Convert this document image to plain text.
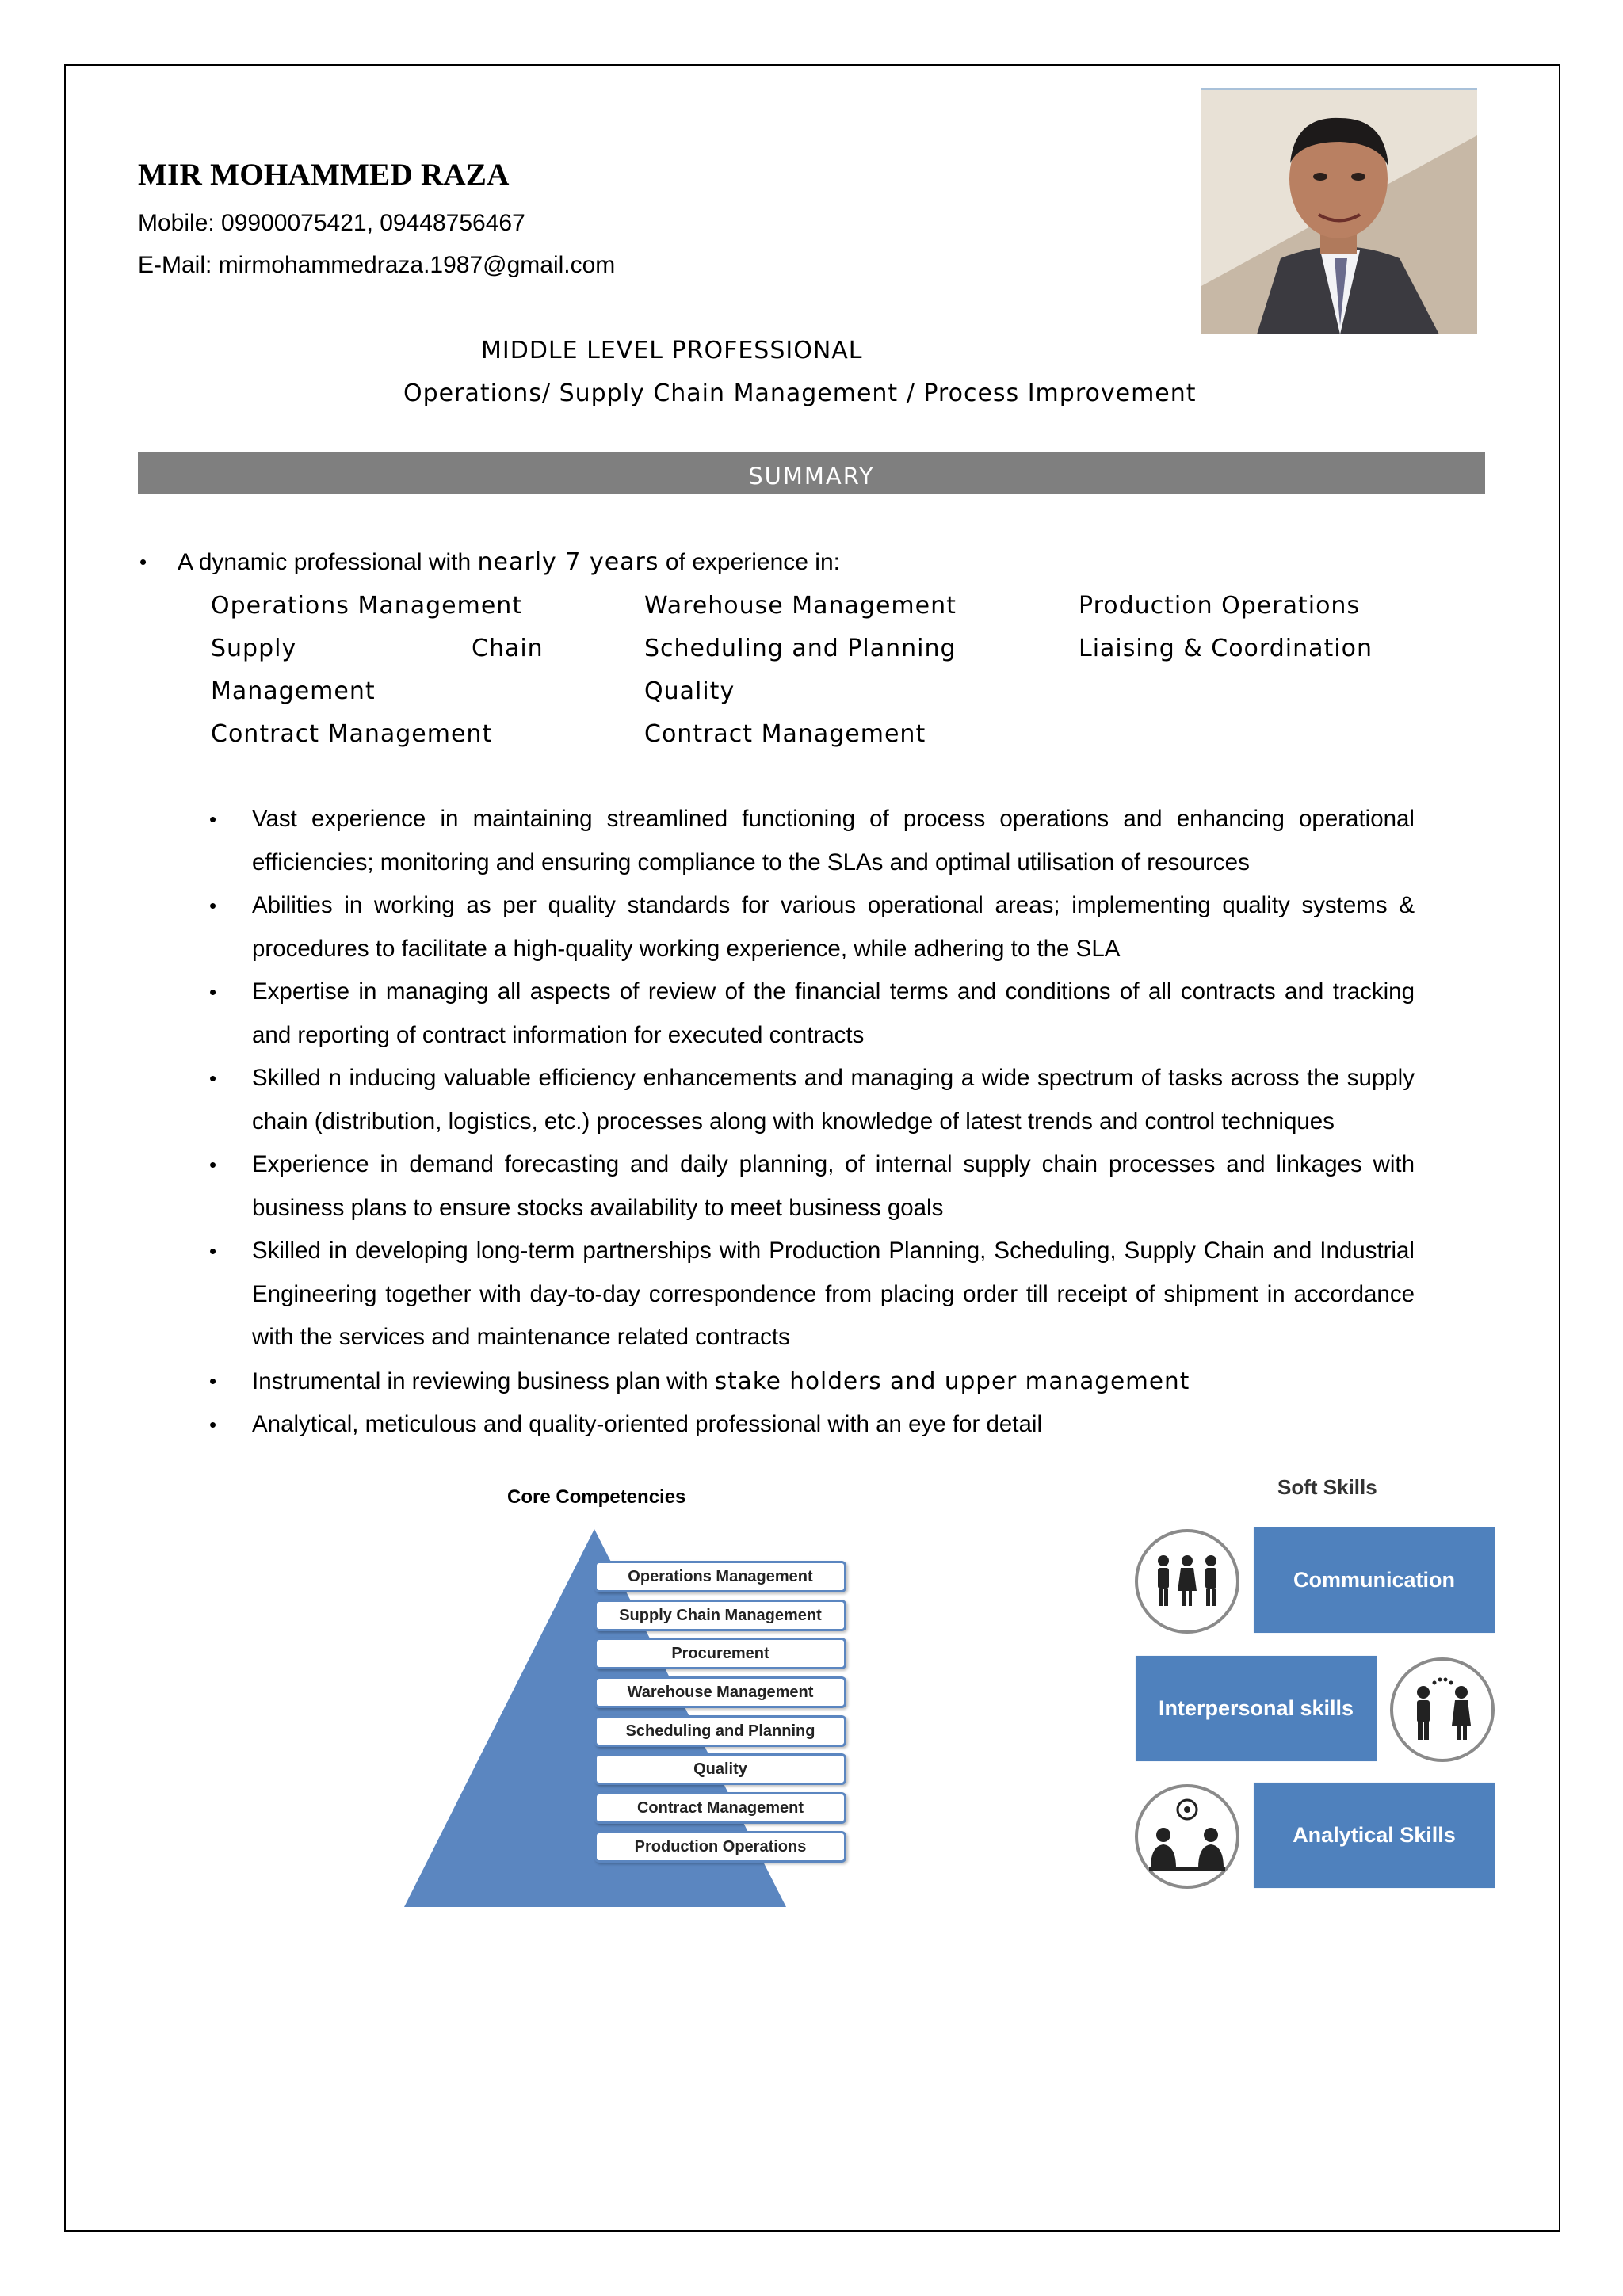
MIR MOHAMMED RAZA
Mobile: 09900075421, 09448756467
E-Mail: mirmohammedraza.1987@gmail.com
MIDDLE LEVEL PROFESSIONAL
Operations/ Supply Chain Management / Process Improvement
SUMMARY
• A dynamic professional with nearly 7 years of experience in:
Operations Management
Supply	Chain
Management
Contract Management
Warehouse Management
Scheduling and Planning
Quality
Contract Management
Production Operations
Liaising & Coordination
• Vast experience in maintaining streamlined functioning of process operations and enhancing operational efficiencies; monitoring and ensuring compliance to the SLAs and optimal utilisation of resources
• Abilities in working as per quality standards for various operational areas; implementing quality systems & procedures to facilitate a high-quality working experience, while adhering to the SLA
• Expertise in managing all aspects of review of the financial terms and conditions of all contracts and tracking and reporting of contract information for executed contracts
• Skilled n inducing valuable efficiency enhancements and managing a wide spectrum of tasks across the supply chain (distribution, logistics, etc.) processes along with knowledge of latest trends and control techniques
• Experience in demand forecasting and daily planning, of internal supply chain processes and linkages with business plans to ensure stocks availability to meet business goals
• Skilled in developing long-term partnerships with Production Planning, Scheduling, Supply Chain and Industrial Engineering together with day-to-day correspondence from placing order till receipt of shipment in accordance with the services and maintenance related contracts
• Instrumental in reviewing business plan with stake holders and upper management
• Analytical, meticulous and quality-oriented professional with an eye for detail
Core Competencies
Operations Management
Supply Chain Management
Procurement
Warehouse Management
Scheduling and Planning
Quality
Contract Management
Production Operations
Soft Skills
Communication
Interpersonal skills
Analytical Skills
